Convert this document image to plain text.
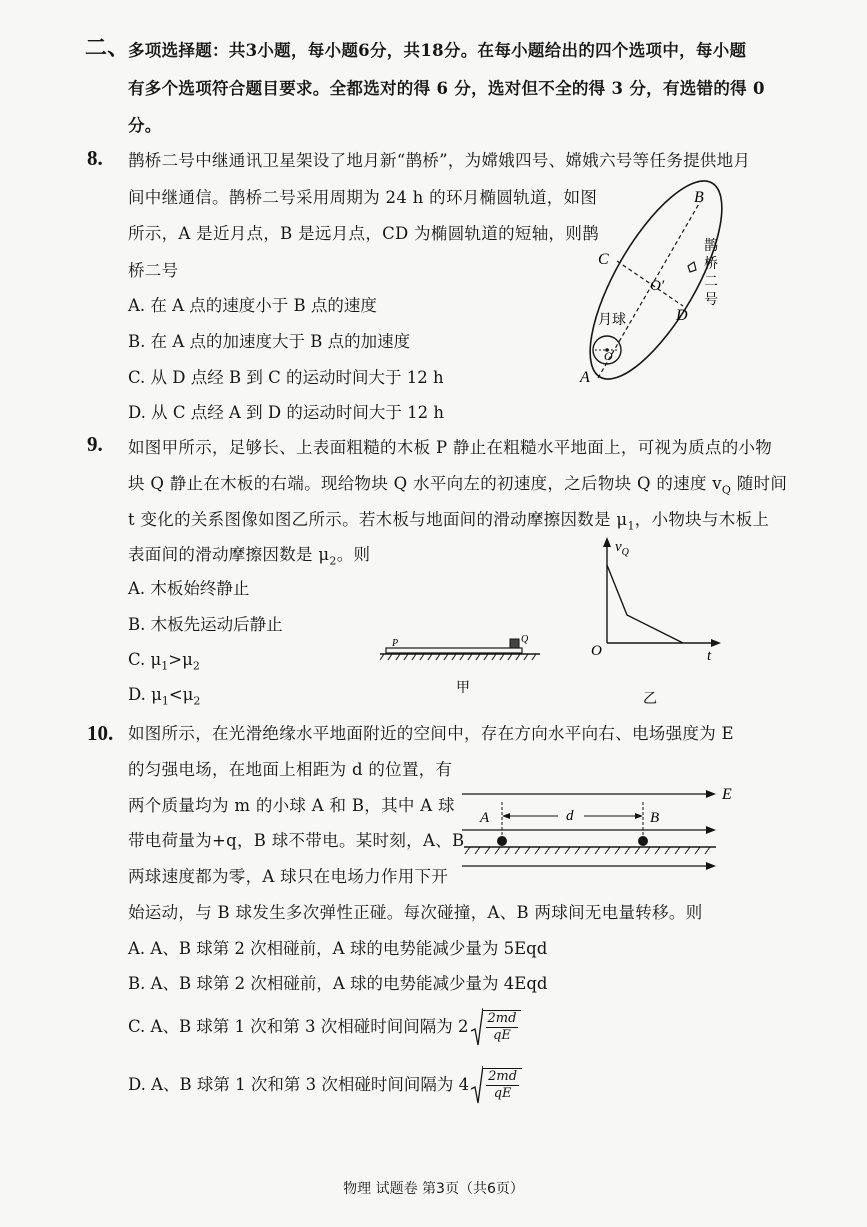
二、
多项选择题：共3小题，每小题6分，共18分。在每小题给出的四个选项中，每小题
有多个选项符合题目要求。全都选对的得 6 分，选对但不全的得 3 分，有选错的得 0
分。
8. 鹊桥二号中继通讯卫星架设了地月新“鹊桥”，为嫦娥四号、嫦娥六号等任务提供地月
间中继通信。鹊桥二号采用周期为 24 h 的环月椭圆轨道，如图
所示，A 是近月点，B 是远月点，CD 为椭圆轨道的短轴，则鹊
桥二号
A. 在 A 点的速度小于 B 点的速度
B. 在 A 点的加速度大于 B 点的加速度
C. 从 D 点经 B 到 C 的运动时间大于 12 h
D. 从 C 点经 A 到 D 的运动时间大于 12 h
B
C
D
A
O′
O
月球
鹊
桥
二
号
9. 如图甲所示，足够长、上表面粗糙的木板 P 静止在粗糙水平地面上，可视为质点的小物
块 Q 静止在木板的右端。现给物块 Q 水平向左的初速度，之后物块 Q 的速度 $v_Q$ 随时间
t 变化的关系图像如图乙所示。若木板与地面间的滑动摩擦因数是 $\mu_1$，小物块与木板上
表面间的滑动摩擦因数是 $\mu_2$。则
A. 木板始终静止
B. 木板先运动后静止
C. $\mu_1>\mu_2$
D. $\mu_1<\mu_2$
P	Q
甲
$v_Q$
O	t
乙
10. 如图所示，在光滑绝缘水平地面附近的空间中，存在方向水平向右、电场强度为 E
的匀强电场，在地面上相距为 d 的位置，有
两个质量均为 m 的小球 A 和 B，其中 A 球
带电荷量为+q，B 球不带电。某时刻，A、B
两球速度都为零，A 球只在电场力作用下开
始运动，与 B 球发生多次弹性正碰。每次碰撞，A、B 两球间无电量转移。则
A. A、B 球第 2 次相碰前，A 球的电势能减少量为 5Eqd
B. A、B 球第 2 次相碰前，A 球的电势能减少量为 4Eqd
C. A、B 球第 1 次和第 3 次相碰时间间隔为 $2 \frac{2md}{qE}$
D. A、B 球第 1 次和第 3 次相碰时间间隔为 $4 \frac{2md}{qE}$
E
A	B
d
物理 试题卷 第3页（共6页）
